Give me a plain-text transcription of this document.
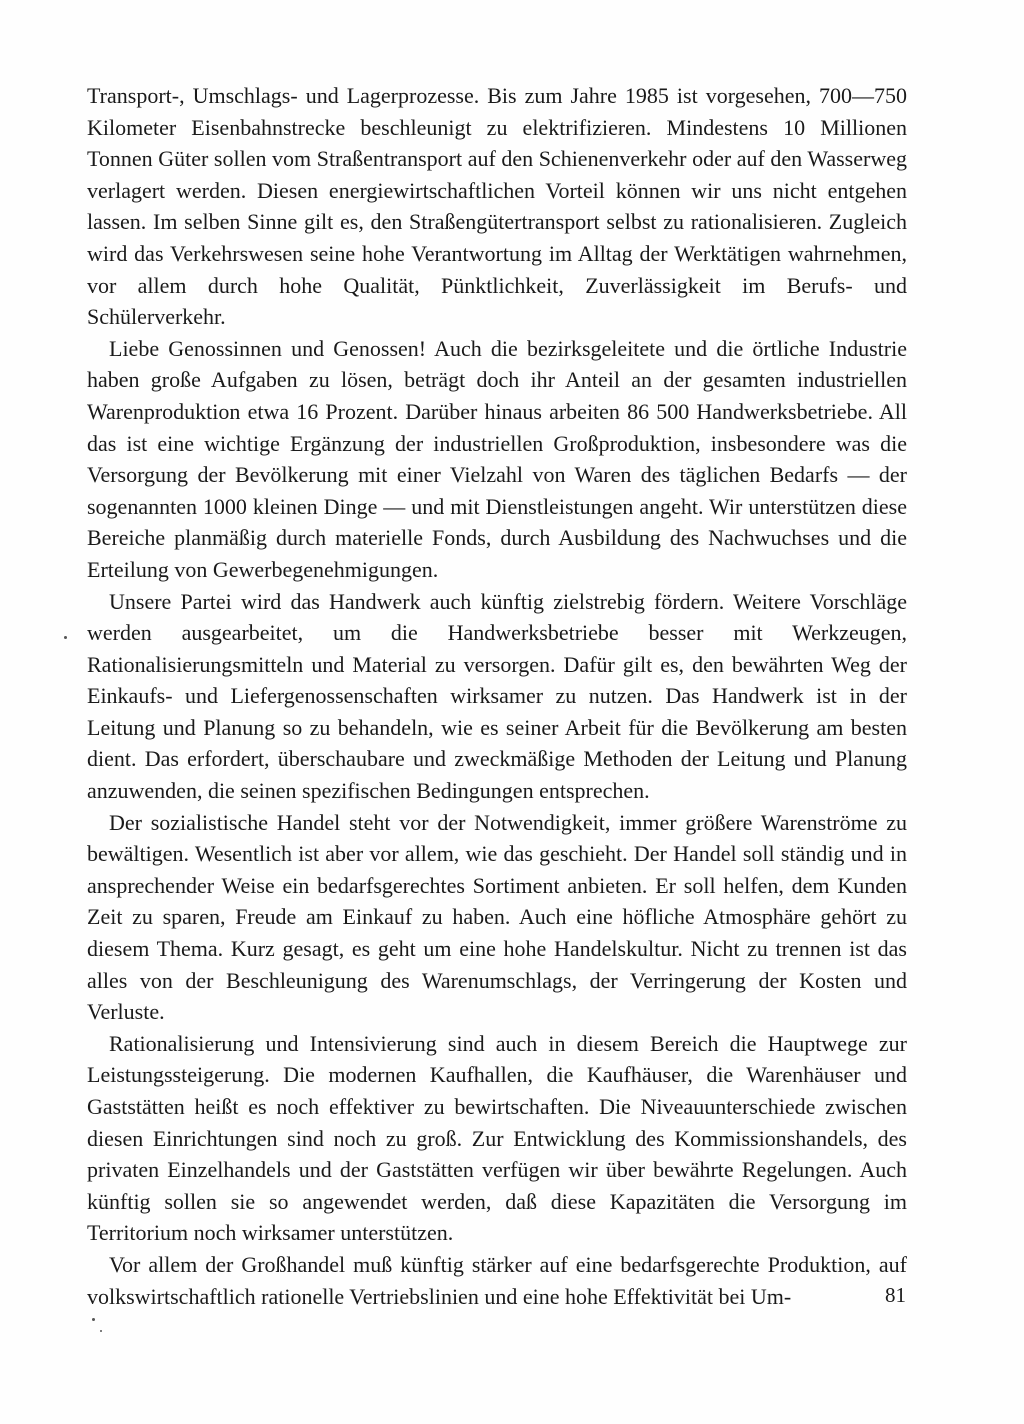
Transport-, Umschlags- und Lagerprozesse. Bis zum Jahre 1985 ist vorgesehen, 700—750 Kilometer Eisenbahnstrecke beschleunigt zu elektrifizieren. Mindestens 10 Millionen Tonnen Güter sollen vom Straßentransport auf den Schienenverkehr oder auf den Wasserweg verlagert werden. Diesen energiewirtschaftlichen Vorteil können wir uns nicht entgehen lassen. Im selben Sinne gilt es, den Straßengütertransport selbst zu rationalisieren. Zugleich wird das Verkehrswesen seine hohe Verantwortung im Alltag der Werktätigen wahrnehmen, vor allem durch hohe Qualität, Pünktlichkeit, Zuverlässigkeit im Berufs- und Schülerverkehr.

Liebe Genossinnen und Genossen! Auch die bezirksgeleitete und die örtliche Industrie haben große Aufgaben zu lösen, beträgt doch ihr Anteil an der gesamten industriellen Warenproduktion etwa 16 Prozent. Darüber hinaus arbeiten 86 500 Handwerksbetriebe. All das ist eine wichtige Ergänzung der industriellen Großproduktion, insbesondere was die Versorgung der Bevölkerung mit einer Vielzahl von Waren des täglichen Bedarfs — der sogenannten 1000 kleinen Dinge — und mit Dienstleistungen angeht. Wir unterstützen diese Bereiche planmäßig durch materielle Fonds, durch Ausbildung des Nachwuchses und die Erteilung von Gewerbegenehmigungen.

Unsere Partei wird das Handwerk auch künftig zielstrebig fördern. Weitere Vorschläge werden ausgearbeitet, um die Handwerksbetriebe besser mit Werkzeugen, Rationalisierungsmitteln und Material zu versorgen. Dafür gilt es, den bewährten Weg der Einkaufs- und Liefergenossenschaften wirksamer zu nutzen. Das Handwerk ist in der Leitung und Planung so zu behandeln, wie es seiner Arbeit für die Bevölkerung am besten dient. Das erfordert, überschaubare und zweckmäßige Methoden der Leitung und Planung anzuwenden, die seinen spezifischen Bedingungen entsprechen.

Der sozialistische Handel steht vor der Notwendigkeit, immer größere Warenströme zu bewältigen. Wesentlich ist aber vor allem, wie das geschieht. Der Handel soll ständig und in ansprechender Weise ein bedarfsgerechtes Sortiment anbieten. Er soll helfen, dem Kunden Zeit zu sparen, Freude am Einkauf zu haben. Auch eine höfliche Atmosphäre gehört zu diesem Thema. Kurz gesagt, es geht um eine hohe Handelskultur. Nicht zu trennen ist das alles von der Beschleunigung des Warenumschlags, der Verringerung der Kosten und Verluste.

Rationalisierung und Intensivierung sind auch in diesem Bereich die Hauptwege zur Leistungssteigerung. Die modernen Kaufhallen, die Kaufhäuser, die Warenhäuser und Gaststätten heißt es noch effektiver zu bewirtschaften. Die Niveauunterschiede zwischen diesen Einrichtungen sind noch zu groß. Zur Entwicklung des Kommissionshandels, des privaten Einzelhandels und der Gaststätten verfügen wir über bewährte Regelungen. Auch künftig sollen sie so angewendet werden, daß diese Kapazitäten die Versorgung im Territorium noch wirksamer unterstützen.

Vor allem der Großhandel muß künftig stärker auf eine bedarfsgerechte Produktion, auf volkswirtschaftlich rationelle Vertriebslinien und eine hohe Effektivität bei Um-	81
